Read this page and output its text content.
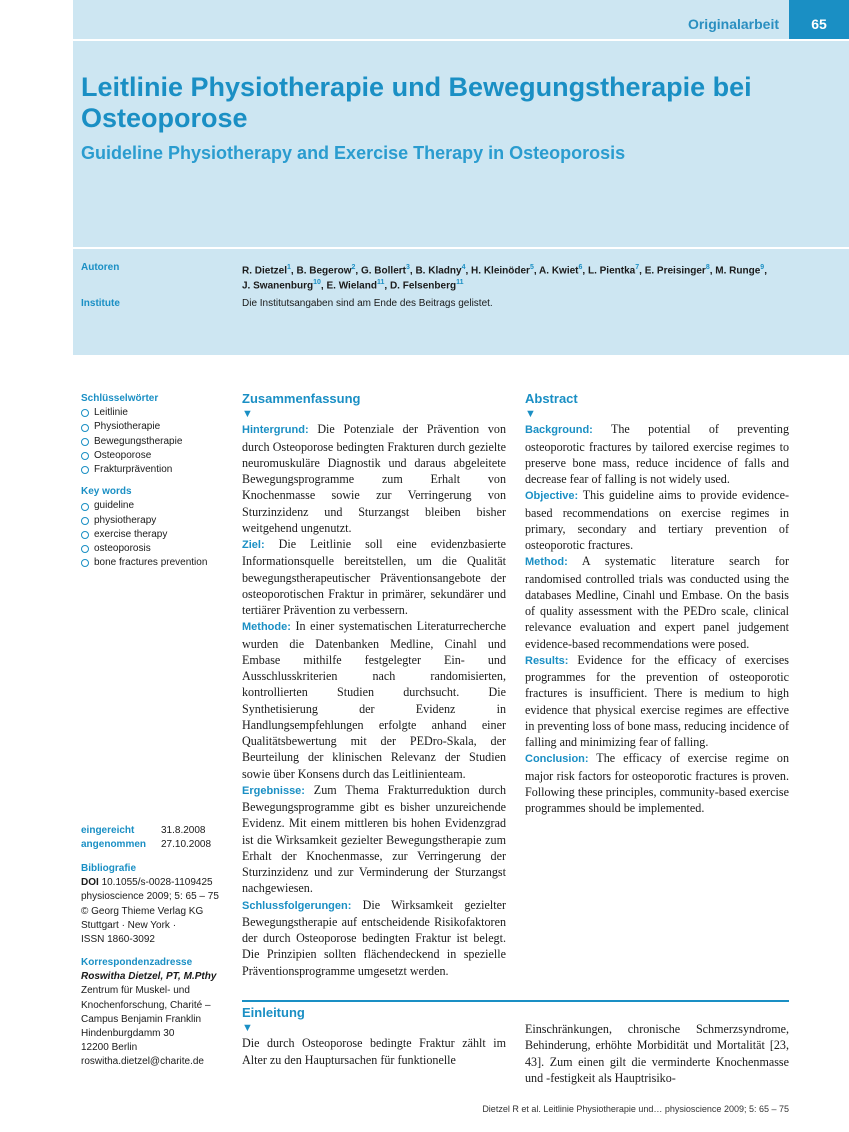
Originalarbeit	65
Leitlinie Physiotherapie und Bewegungstherapie bei Osteoporose
Guideline Physiotherapy and Exercise Therapy in Osteoporosis
Autoren	R. Dietzel$^1$, B. Begerow$^2$, G. Bollert$^3$, B. Kladny$^4$, H. Kleinöder$^5$, A. Kwiet$^6$, L. Pientka$^7$, E. Preisinger$^8$, M. Runge$^9$,
J. Swanenburg$^{10}$, E. Wieland$^{11}$, D. Felsenberg$^{11}$
Institute	Die Institutsangaben sind am Ende des Beitrags gelistet.
Schlüsselwörter
Leitlinie
Physiotherapie
Bewegungstherapie
Osteoporose
Frakturprävention
Key words
guideline
physiotherapy
exercise therapy
osteoporosis
bone fractures prevention
eingereicht	31.8.2008
angenommen	27.10.2008
Bibliografie
DOI 10.1055/s-0028-1109425
physioscience 2009; 5: 65 – 75
© Georg Thieme Verlag KG
Stuttgart · New York ·
ISSN 1860-3092
Korrespondenzadresse
Roswitha Dietzel, PT, M.Pthy
Zentrum für Muskel- und
Knochenforschung, Charité –
Campus Benjamin Franklin
Hindenburgdamm 30
12200 Berlin
roswitha.dietzel@charite.de
Zusammenfassung
▼
Hintergrund: Die Potenziale der Prävention von durch Osteoporose bedingten Frakturen durch gezielte neuromuskuläre Diagnostik und daraus abgeleitete Bewegungsprogramme zum Erhalt von Knochenmasse sowie zur Verringerung von Sturzinzidenz und Sturzangst bleiben bisher weitgehend ungenutzt.
Ziel: Die Leitlinie soll eine evidenzbasierte Informationsquelle bereitstellen, um die Qualität bewegungstherapeutischer Präventionsangebote der osteoporotischen Fraktur in primärer, sekundärer und tertiärer Prävention zu verbessern.
Methode: In einer systematischen Literaturrecherche wurden die Datenbanken Medline, Cinahl und Embase mithilfe festgelegter Ein- und Ausschlusskriterien nach randomisierten, kontrollierten Studien durchsucht. Die Synthetisierung der Evidenz in Handlungsempfehlungen erfolgte anhand einer Qualitätsbewertung mit der PEDro-Skala, der Beurteilung der klinischen Relevanz der Studien sowie über Konsens durch das Leitlinienteam.
Ergebnisse: Zum Thema Frakturreduktion durch Bewegungsprogramme gibt es bisher unzureichende Evidenz. Mit einem mittleren bis hohen Evidenzgrad ist die Wirksamkeit gezielter Bewegungstherapie zum Erhalt der Knochenmasse, zur Verringerung der Sturzinzidenz und zur Verminderung der Sturzangst nachgewiesen.
Schlussfolgerungen: Die Wirksamkeit gezielter Bewegungstherapie auf entscheidende Risikofaktoren der durch Osteoporose bedingten Fraktur ist belegt. Die Prinzipien sollten flächendeckend in spezielle Präventionsprogramme umgesetzt werden.
Abstract
▼
Background: The potential of preventing osteoporotic fractures by tailored exercise regimes to preserve bone mass, reduce incidence of falls and decrease fear of falling is not widely used.
Objective: This guideline aims to provide evidence-based recommendations on exercise regimes in primary, secondary and tertiary prevention of osteoporotic fractures.
Method: A systematic literature search for randomised controlled trials was conducted using the databases Medline, Cinahl und Embase. On the basis of quality assessment with the PEDro scale, clinical relevance evaluation and expert panel judgement evidence-based recommendations were posed.
Results: Evidence for the efficacy of exercises programmes for the prevention of osteoporotic fractures is insufficient. There is medium to high evidence that physical exercise regimes are effective in preventing loss of bone mass, reducing incidence of falling and minimizing fear of falling.
Conclusion: The efficacy of exercise regime on major risk factors for osteoporotic fractures is proven. Following these principles, community-based exercise programmes should be implemented.
Einleitung
▼
Die durch Osteoporose bedingte Fraktur zählt im Alter zu den Hauptursachen für funktionelle
Einschränkungen, chronische Schmerzsyndrome, Behinderung, erhöhte Morbidität und Mortalität [23, 43]. Zum einen gilt die verminderte Knochenmasse und -festigkeit als Hauptrisiko-
Dietzel R et al. Leitlinie Physiotherapie und… physioscience 2009; 5: 65 – 75
